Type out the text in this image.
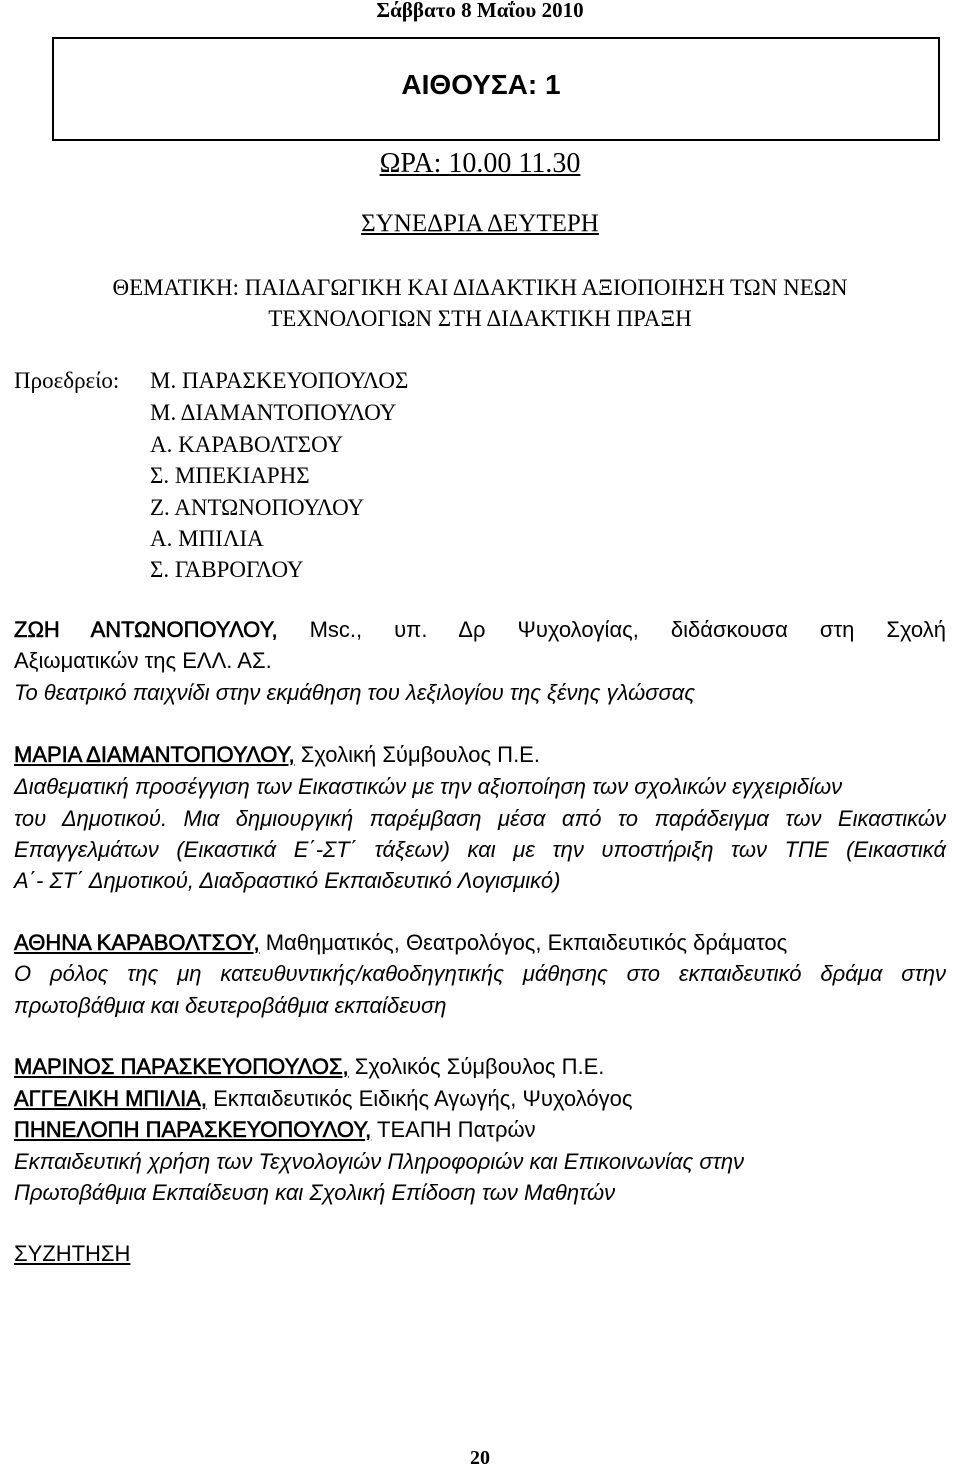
Σάββατο 8 Μαΐου 2010
ΑΙΘΟΥΣΑ: 1
ΩΡΑ: 10.00 11.30
ΣΥΝΕΔΡΙΑ ΔΕΥΤΕΡΗ
ΘΕΜΑΤΙΚΗ: ΠΑΙΔΑΓΩΓΙΚΗ ΚΑΙ ΔΙΔΑΚΤΙΚΗ ΑΞΙΟΠΟΙΗΣΗ ΤΩΝ ΝΕΩΝ
ΤΕΧΝΟΛΟΓΙΩΝ ΣΤΗ ΔΙΔΑΚΤΙΚΗ ΠΡΑΞΗ
Προεδρείο: Μ. ΠΑΡΑΣΚΕΥΟΠΟΥΛΟΣ
Μ. ΔΙΑΜΑΝΤΟΠΟΥΛΟΥ
Α. ΚΑΡΑΒΟΛΤΣΟΥ
Σ. ΜΠΕΚΙΑΡΗΣ
Ζ. ΑΝΤΩΝΟΠΟΥΛΟΥ
Α. ΜΠΙΛΙΑ
Σ. ΓΑΒΡΟΓΛΟΥ
ΖΩΗ ΑΝΤΩΝΟΠΟΥΛΟΥ, Msc., υπ. Δρ Ψυχολογίας, διδάσκουσα στη Σχολή
Αξιωματικών της ΕΛΛ. ΑΣ.
Το θεατρικό παιχνίδι στην εκμάθηση του λεξιλογίου της ξένης γλώσσας
ΜΑΡΙΑ ΔΙΑΜΑΝΤΟΠΟΥΛΟΥ, Σχολική Σύμβουλος Π.Ε.
Διαθεματική προσέγγιση των Εικαστικών με την αξιοποίηση των σχολικών εγχειριδίων
του Δημοτικού. Μια δημιουργική παρέμβαση μέσα από το παράδειγμα των Εικαστικών
Επαγγελμάτων (Εικαστικά Ε΄-ΣΤ΄ τάξεων) και με την υποστήριξη των ΤΠΕ (Εικαστικά
Α΄- ΣΤ΄ Δημοτικού, Διαδραστικό Εκπαιδευτικό Λογισμικό)
ΑΘΗΝΑ ΚΑΡΑΒΟΛΤΣΟΥ, Μαθηματικός, Θεατρολόγος, Εκπαιδευτικός δράματος
Ο ρόλος της μη κατευθυντικής/καθοδηγητικής μάθησης στο εκπαιδευτικό δράμα στην
πρωτοβάθμια και δευτεροβάθμια εκπαίδευση
ΜΑΡΙΝΟΣ ΠΑΡΑΣΚΕΥΟΠΟΥΛΟΣ, Σχολικός Σύμβουλος Π.Ε.
ΑΓΓΕΛΙΚΗ ΜΠΙΛΙΑ, Εκπαιδευτικός Ειδικής Αγωγής, Ψυχολόγος
ΠΗΝΕΛΟΠΗ ΠΑΡΑΣΚΕΥΟΠΟΥΛΟΥ, ΤΕΑΠΗ Πατρών
Εκπαιδευτική χρήση των Τεχνολογιών Πληροφοριών και Επικοινωνίας στην
Πρωτοβάθμια Εκπαίδευση και Σχολική Επίδοση των Μαθητών
ΣΥΖΗΤΗΣΗ
20
